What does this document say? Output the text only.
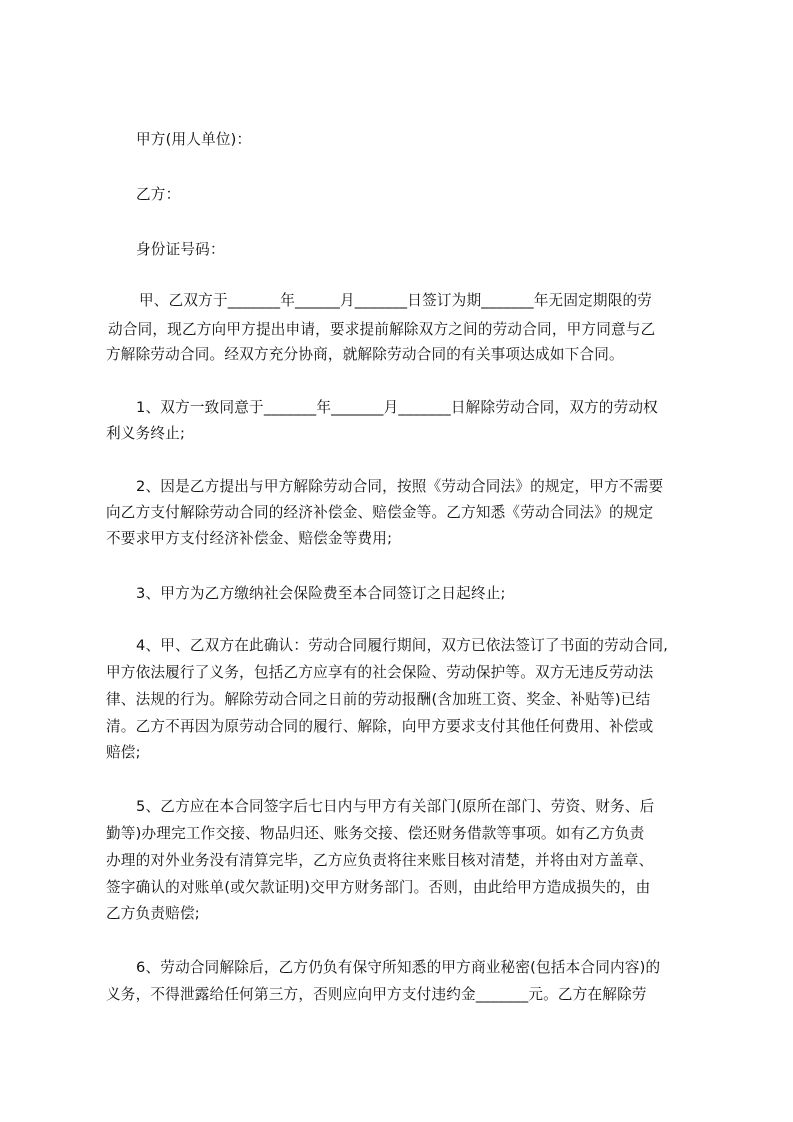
甲方(用人单位)：
乙方：
身份证号码：
甲、乙双方于_______年______月_______日签订为期_______年无固定期限的劳
动合同，现乙方向甲方提出申请，要求提前解除双方之间的劳动合同，甲方同意与乙
方解除劳动合同。经双方充分协商，就解除劳动合同的有关事项达成如下合同。
1、双方一致同意于_______年_______月_______日解除劳动合同，双方的劳动权
利义务终止;
2、因是乙方提出与甲方解除劳动合同，按照《劳动合同法》的规定，甲方不需要
向乙方支付解除劳动合同的经济补偿金、赔偿金等。乙方知悉《劳动合同法》的规定
不要求甲方支付经济补偿金、赔偿金等费用;
3、甲方为乙方缴纳社会保险费至本合同签订之日起终止;
4、甲、乙双方在此确认：劳动合同履行期间，双方已依法签订了书面的劳动合同,
甲方依法履行了义务，包括乙方应享有的社会保险、劳动保护等。双方无违反劳动法
律、法规的行为。解除劳动合同之日前的劳动报酬(含加班工资、奖金、补贴等)已结
清。乙方不再因为原劳动合同的履行、解除，向甲方要求支付其他任何费用、补偿或
赔偿;
5、乙方应在本合同签字后七日内与甲方有关部门(原所在部门、劳资、财务、后
勤等)办理完工作交接、物品归还、账务交接、偿还财务借款等事项。如有乙方负责
办理的对外业务没有清算完毕，乙方应负责将往来账目核对清楚，并将由对方盖章、
签字确认的对账单(或欠款证明)交甲方财务部门。否则，由此给甲方造成损失的，由
乙方负责赔偿;
6、劳动合同解除后，乙方仍负有保守所知悉的甲方商业秘密(包括本合同内容)的
义务，不得泄露给任何第三方，否则应向甲方支付违约金_______元。乙方在解除劳
